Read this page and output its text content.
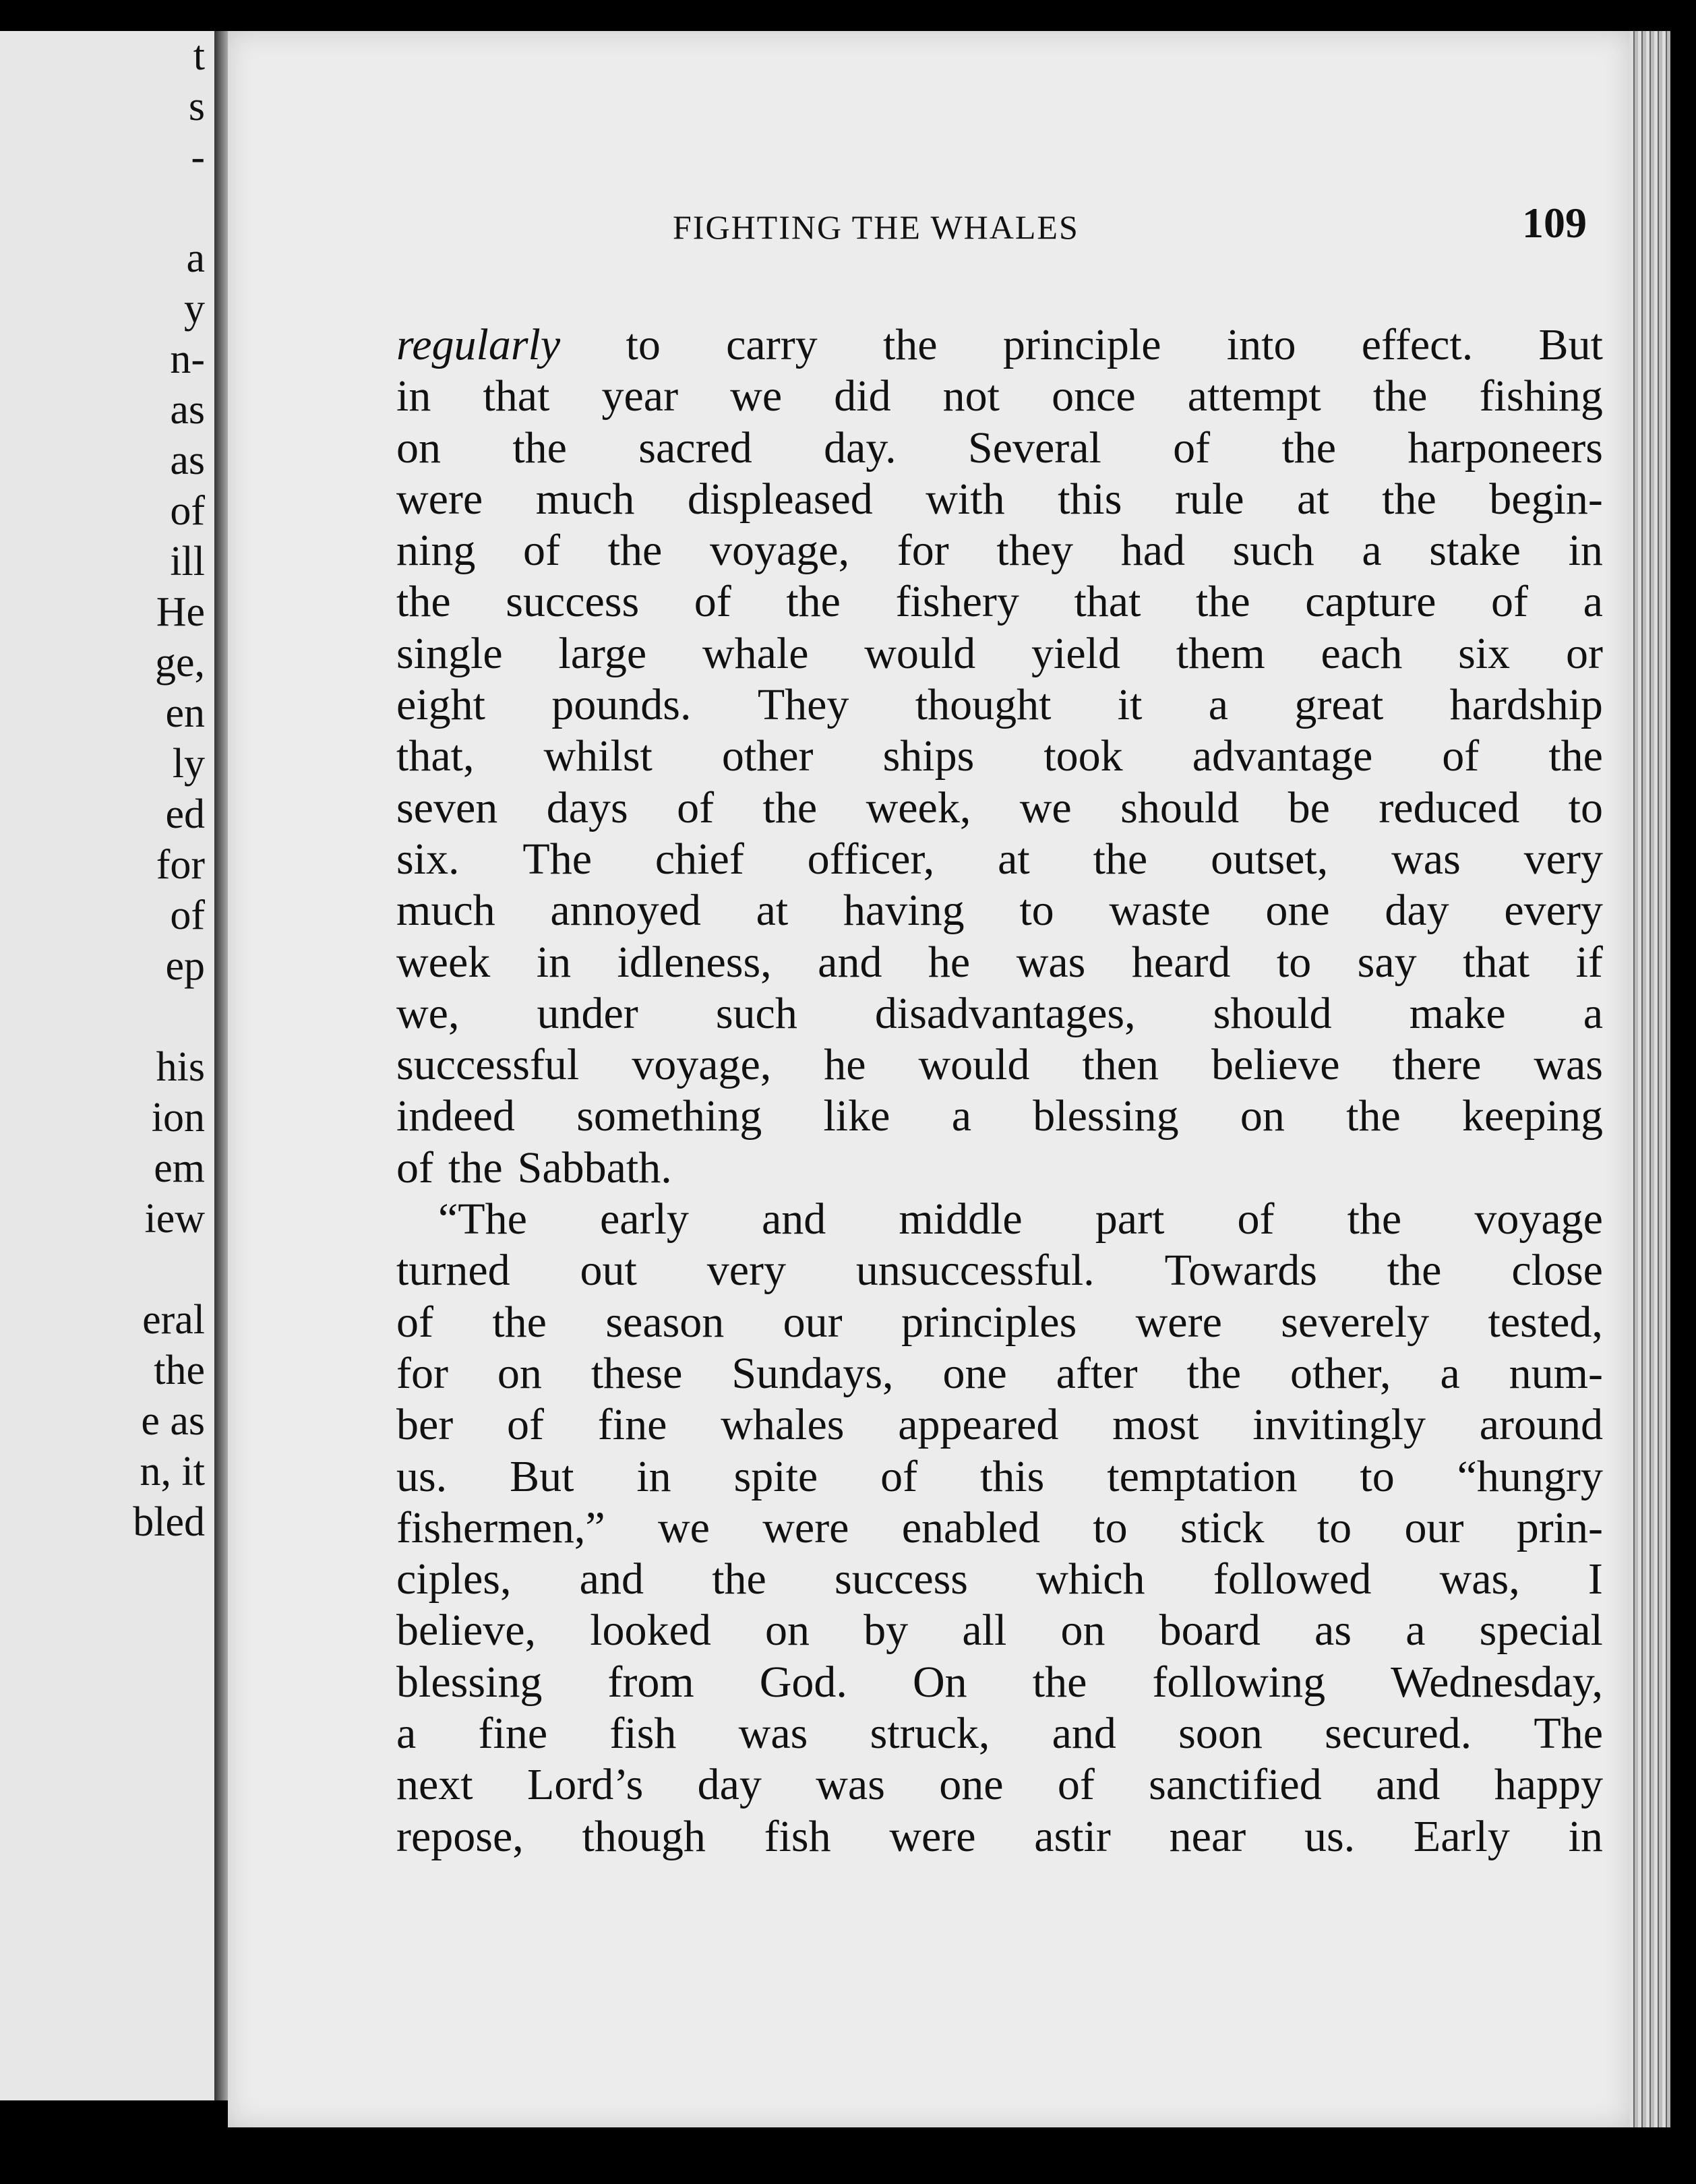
t
s
-

a
y
n-
as
as
of
ill
He
ge,
en
ly
ed
for
of
ep

his
ion
em
iew

eral
the
e as
n, it
bled
FIGHTING THE WHALES	109
regularly to carry the principle into effect. But
in that year we did not once attempt the fishing
on the sacred day. Several of the harponeers
were much displeased with this rule at the begin-
ning of the voyage, for they had such a stake in
the success of the fishery that the capture of a
single large whale would yield them each six or
eight pounds. They thought it a great hardship
that, whilst other ships took advantage of the
seven days of the week, we should be reduced to
six. The chief officer, at the outset, was very
much annoyed at having to waste one day every
week in idleness, and he was heard to say that if
we, under such disadvantages, should make a
successful voyage, he would then believe there was
indeed something like a blessing on the keeping
of the Sabbath.
“The early and middle part of the voyage
turned out very unsuccessful. Towards the close
of the season our principles were severely tested,
for on these Sundays, one after the other, a num-
ber of fine whales appeared most invitingly around
us. But in spite of this temptation to “hungry
fishermen,” we were enabled to stick to our prin-
ciples, and the success which followed was, I
believe, looked on by all on board as a special
blessing from God. On the following Wednesday,
a fine fish was struck, and soon secured. The
next Lord’s day was one of sanctified and happy
repose, though fish were astir near us. Early in
